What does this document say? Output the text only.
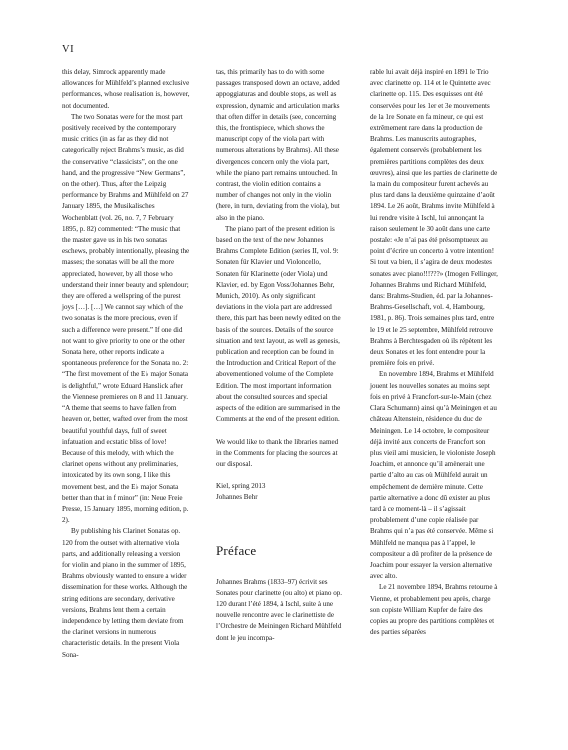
VI

this delay, Simrock apparently made allowances for Mühlfeld’s planned exclusive performances, whose realisation is, however, not documented.

The two Sonatas were for the most part positively received by the contemporary music critics (in as far as they did not categorically reject Brahms’s music, as did the conservative “classicists”, on the one hand, and the progressive “New Germans”, on the other). Thus, after the Leipzig performance by Brahms and Mühlfeld on 27 January 1895, the Musikalisches Wochenblatt (vol. 26, no. 7, 7 February 1895, p. 82) commented: “The music that the master gave us in his two sonatas eschews, probably intentionally, pleasing the masses; the sonatas will be all the more appreciated, however, by all those who understand their inner beauty and splendour; they are offered a wellspring of the purest joys […]. […] We cannot say which of the two sonatas is the more precious, even if such a difference were present.” If one did not want to give priority to one or the other Sonata here, other reports indicate a spontaneous preference for the Sonata no. 2: “The first movement of the E♭ major Sonata is delightful,” wrote Eduard Hanslick after the Viennese premieres on 8 and 11 January. “A theme that seems to have fallen from heaven or, better, wafted over from the most beautiful youthful days, full of sweet infatuation and ecstatic bliss of love! Because of this melody, with which the clarinet opens without any preliminaries, intoxicated by its own song, I like this movement best, and the E♭ major Sonata better than that in f minor” (in: Neue Freie Presse, 15 January 1895, morning edition, p. 2).

By publishing his Clarinet Sonatas op. 120 from the outset with alternative viola parts, and additionally releasing a version for violin and piano in the summer of 1895, Brahms obviously wanted to ensure a wider dissemination for these works. Although the string editions are secondary, derivative versions, Brahms lent them a certain independence by letting them deviate from the clarinet versions in numerous characteristic details. In the present Viola Sona-

tas, this primarily has to do with some passages transposed down an octave, added appoggiaturas and double stops, as well as expression, dynamic and articulation marks that often differ in details (see, concerning this, the frontispiece, which shows the manuscript copy of the viola part with numerous alterations by Brahms). All these divergences concern only the viola part, while the piano part remains untouched. In contrast, the violin edition contains a number of changes not only in the violin (here, in turn, deviating from the viola), but also in the piano.

The piano part of the present edition is based on the text of the new Johannes Brahms Complete Edition (series II, vol. 9: Sonaten für Klavier und Violoncello, Sonaten für Klarinette (oder Viola) und Klavier, ed. by Egon Voss/Johannes Behr, Munich, 2010). As only significant deviations in the viola part are addressed there, this part has been newly edited on the basis of the sources. Details of the source situation and text layout, as well as genesis, publication and reception can be found in the Introduction and Critical Report of the abovementioned volume of the Complete Edition. The most important information about the consulted sources and special aspects of the edition are summarised in the Comments at the end of the present edition.

We would like to thank the libraries named in the Comments for placing the sources at our disposal.

Kiel, spring 2013

Johannes Behr

Préface

Johannes Brahms (1833–97) écrivit ses Sonates pour clarinette (ou alto) et piano op. 120 durant l’été 1894, à Ischl, suite à une nouvelle rencontre avec le clarinettiste de l’Orchestre de Meiningen Richard Mühlfeld dont le jeu incompa-

rable lui avait déjà inspiré en 1891 le Trio avec clarinette op. 114 et le Quintette avec clarinette op. 115. Des esquisses ont été conservées pour les 1er et 3e mouvements de la 1re Sonate en fa mineur, ce qui est extrêmement rare dans la production de Brahms. Les manuscrits autographes, également conservés (probablement les premières partitions complètes des deux œuvres), ainsi que les parties de clarinette de la main du compositeur furent achevés au plus tard dans la deuxième quinzaine d’août 1894. Le 26 août, Brahms invite Mühlfeld à lui rendre visite à Ischl, lui annonçant la raison seulement le 30 août dans une carte postale: «Je n’ai pas été présomptueux au point d’écrire un concerto à votre intention! Si tout va bien, il s’agira de deux modestes sonates avec piano!!!???» (Imogen Fellinger, Johannes Brahms und Richard Mühlfeld, dans: Brahms-Studien, éd. par la Johannes-Brahms-Gesellschaft, vol. 4, Hambourg, 1981, p. 86). Trois semaines plus tard, entre le 19 et le 25 septembre, Mühlfeld retrouve Brahms à Berchtesgaden où ils répètent les deux Sonates et les font entendre pour la première fois en privé.

En novembre 1894, Brahms et Mühlfeld jouent les nouvelles sonates au moins sept fois en privé à Francfort-sur-le-Main (chez Clara Schumann) ainsi qu’à Meiningen et au château Altenstein, résidence du duc de Meiningen. Le 14 octobre, le compositeur déjà invité aux concerts de Francfort son plus vieil ami musicien, le violoniste Joseph Joachim, et annonce qu’il amènerait une partie d’alto au cas où Mühlfeld aurait un empêchement de dernière minute. Cette partie alternative a donc dû exister au plus tard à ce moment-là – il s’agissait probablement d’une copie réalisée par Brahms qui n’a pas été conservée. Même si Mühlfeld ne manqua pas à l’appel, le compositeur a dû profiter de la présence de Joachim pour essayer la version alternative avec alto.

Le 21 novembre 1894, Brahms retourne à Vienne, et probablement peu après, charge son copiste William Kupfer de faire des copies au propre des partitions complètes et des parties séparées
